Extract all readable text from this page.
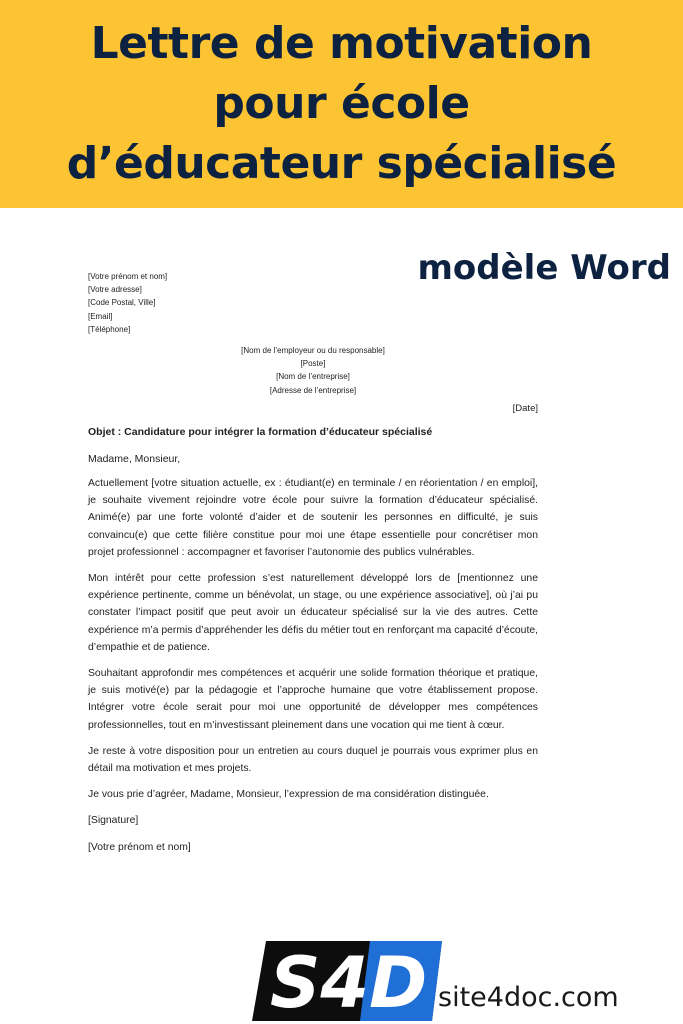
Lettre de motivation
pour école
d’éducateur spécialisé
modèle Word
[Votre prénom et nom]
[Votre adresse]
[Code Postal, Ville]
[Email]
[Téléphone]
[Nom de l’employeur ou du responsable]
[Poste]
[Nom de l’entreprise]
[Adresse de l’entreprise]
[Date]
Objet : Candidature pour intégrer la formation d’éducateur spécialisé
Madame, Monsieur,

Actuellement [votre situation actuelle, ex : étudiant(e) en terminale / en réorientation / en emploi], je souhaite vivement rejoindre votre école pour suivre la formation d’éducateur spécialisé. Animé(e) par une forte volonté d’aider et de soutenir les personnes en difficulté, je suis convaincu(e) que cette filière constitue pour moi une étape essentielle pour concrétiser mon projet professionnel : accompagner et favoriser l’autonomie des publics vulnérables.

Mon intérêt pour cette profession s’est naturellement développé lors de [mentionnez une expérience pertinente, comme un bénévolat, un stage, ou une expérience associative], où j’ai pu constater l’impact positif que peut avoir un éducateur spécialisé sur la vie des autres. Cette expérience m’a permis d’appréhender les défis du métier tout en renforçant ma capacité d’écoute, d’empathie et de patience.

Souhaitant approfondir mes compétences et acquérir une solide formation théorique et pratique, je suis motivé(e) par la pédagogie et l’approche humaine que votre établissement propose. Intégrer votre école serait pour moi une opportunité de développer mes compétences professionnelles, tout en m’investissant pleinement dans une vocation qui me tient à cœur.

Je reste à votre disposition pour un entretien au cours duquel je pourrais vous exprimer plus en détail ma motivation et mes projets.

Je vous prie d’agréer, Madame, Monsieur, l’expression de ma considération distinguée.

[Signature]

[Votre prénom et nom]

S4D site4doc.com
